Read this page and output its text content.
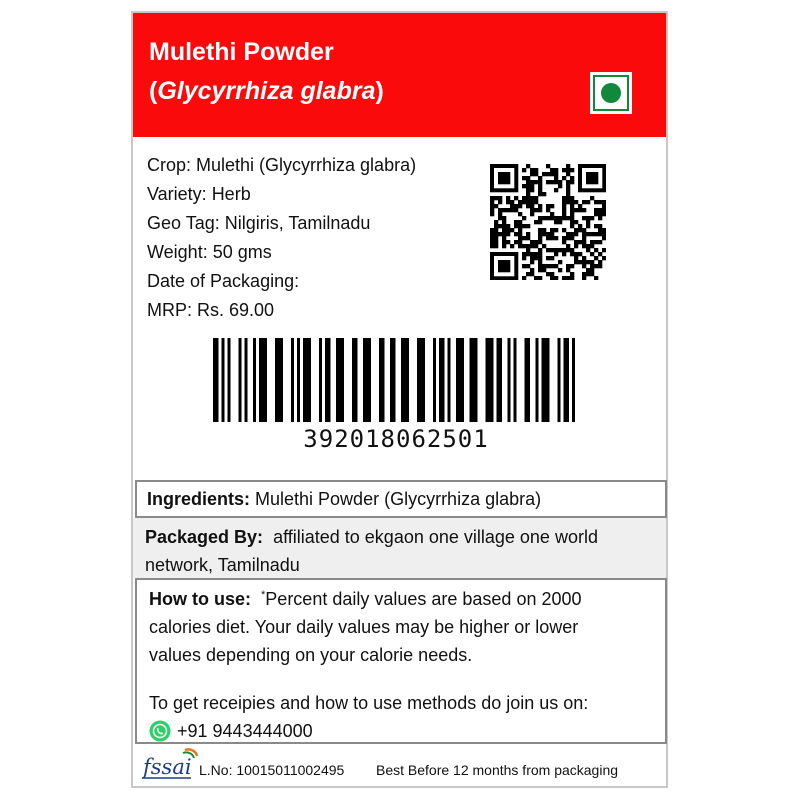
Mulethi Powder
(Glycyrrhiza glabra)
Crop: Mulethi (Glycyrrhiza glabra)
Variety: Herb
Geo Tag: Nilgiris, Tamilnadu
Weight: 50 gms
Date of Packaging:
MRP: Rs. 69.00
392018062501
Ingredients: Mulethi Powder (Glycyrrhiza glabra)
Packaged By:  affiliated to ekgaon one village one world
network, Tamilnadu
How to use: *Percent daily values are based on 2000
calories diet. Your daily values may be higher or lower
values depending on your calorie needs.
To get receipies and how to use methods do join us on:
+91 9443444000
fssai L.No: 10015011002495 Best Before 12 months from packaging
